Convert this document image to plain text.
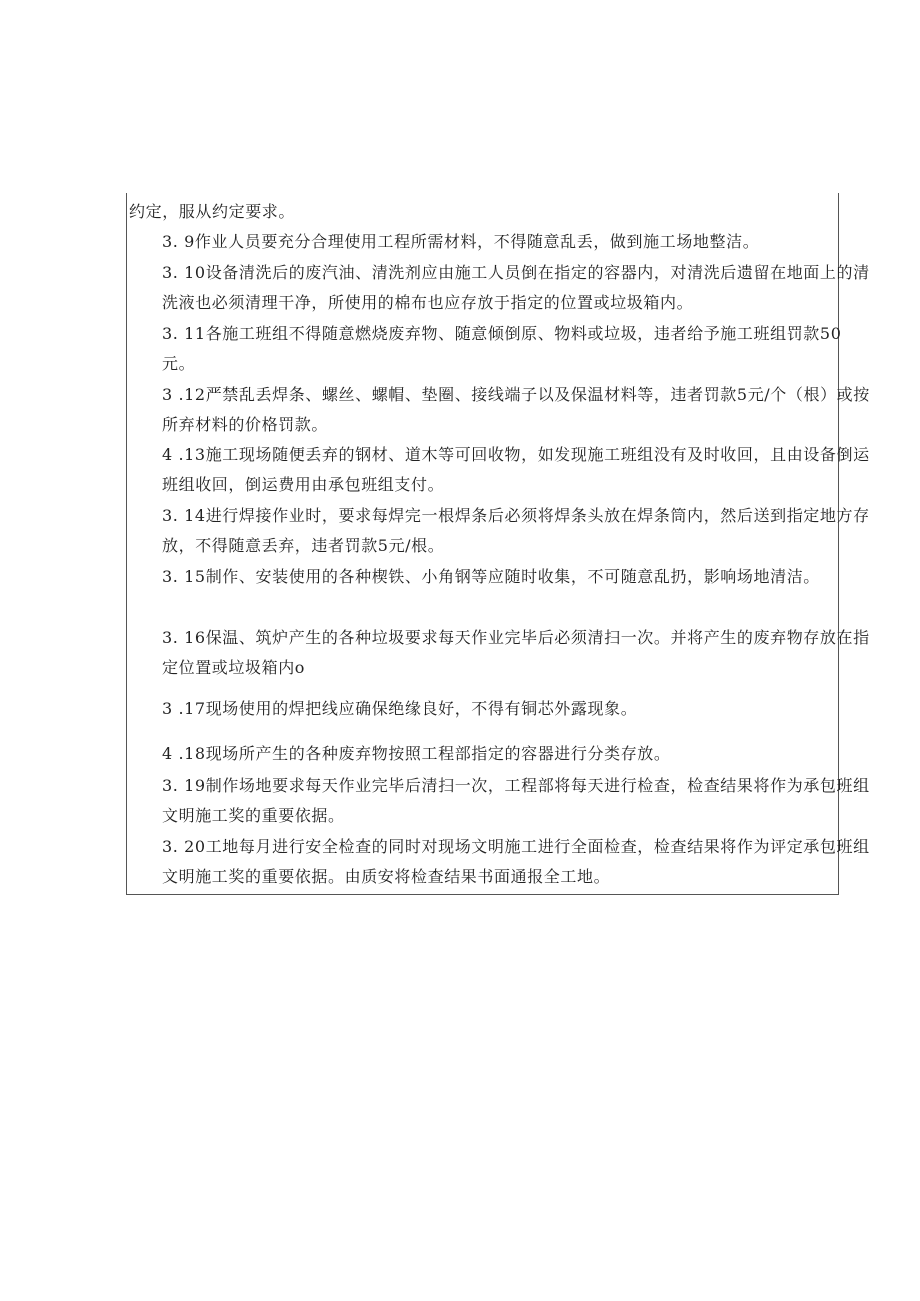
约定，服从约定要求。
3. 9作业人员要充分合理使用工程所需材料，不得随意乱丢，做到施工场地整洁。
3. 10设备清洗后的废汽油、清洗剂应由施工人员倒在指定的容器内，对清洗后遗留在地面上的清洗液也必须清理干净，所使用的棉布也应存放于指定的位置或垃圾箱内。
3. 11各施工班组不得随意燃烧废弃物、随意倾倒原、物料或垃圾，违者给予施工班组罚款50元。
3 .12严禁乱丢焊条、螺丝、螺帽、垫圈、接线端子以及保温材料等，违者罚款5元/个（根）或按所弃材料的价格罚款。
4 .13施工现场随便丢弃的钢材、道木等可回收物，如发现施工班组没有及时收回，且由设备倒运班组收回，倒运费用由承包班组支付。
3. 14进行焊接作业时，要求每焊完一根焊条后必须将焊条头放在焊条筒内，然后送到指定地方存放，不得随意丢弃，违者罚款5元/根。
3. 15制作、安装使用的各种楔铁、小角钢等应随时收集，不可随意乱扔，影响场地清洁。
3. 16保温、筑炉产生的各种垃圾要求每天作业完毕后必须清扫一次。并将产生的废弃物存放在指定位置或垃圾箱内o
3 .17现场使用的焊把线应确保绝缘良好，不得有铜芯外露现象。
4 .18现场所产生的各种废弃物按照工程部指定的容器进行分类存放。
3. 19制作场地要求每天作业完毕后清扫一次，工程部将每天进行检查，检查结果将作为承包班组文明施工奖的重要依据。
3. 20工地每月进行安全检查的同时对现场文明施工进行全面检查，检查结果将作为评定承包班组文明施工奖的重要依据。由质安将检查结果书面通报全工地。
